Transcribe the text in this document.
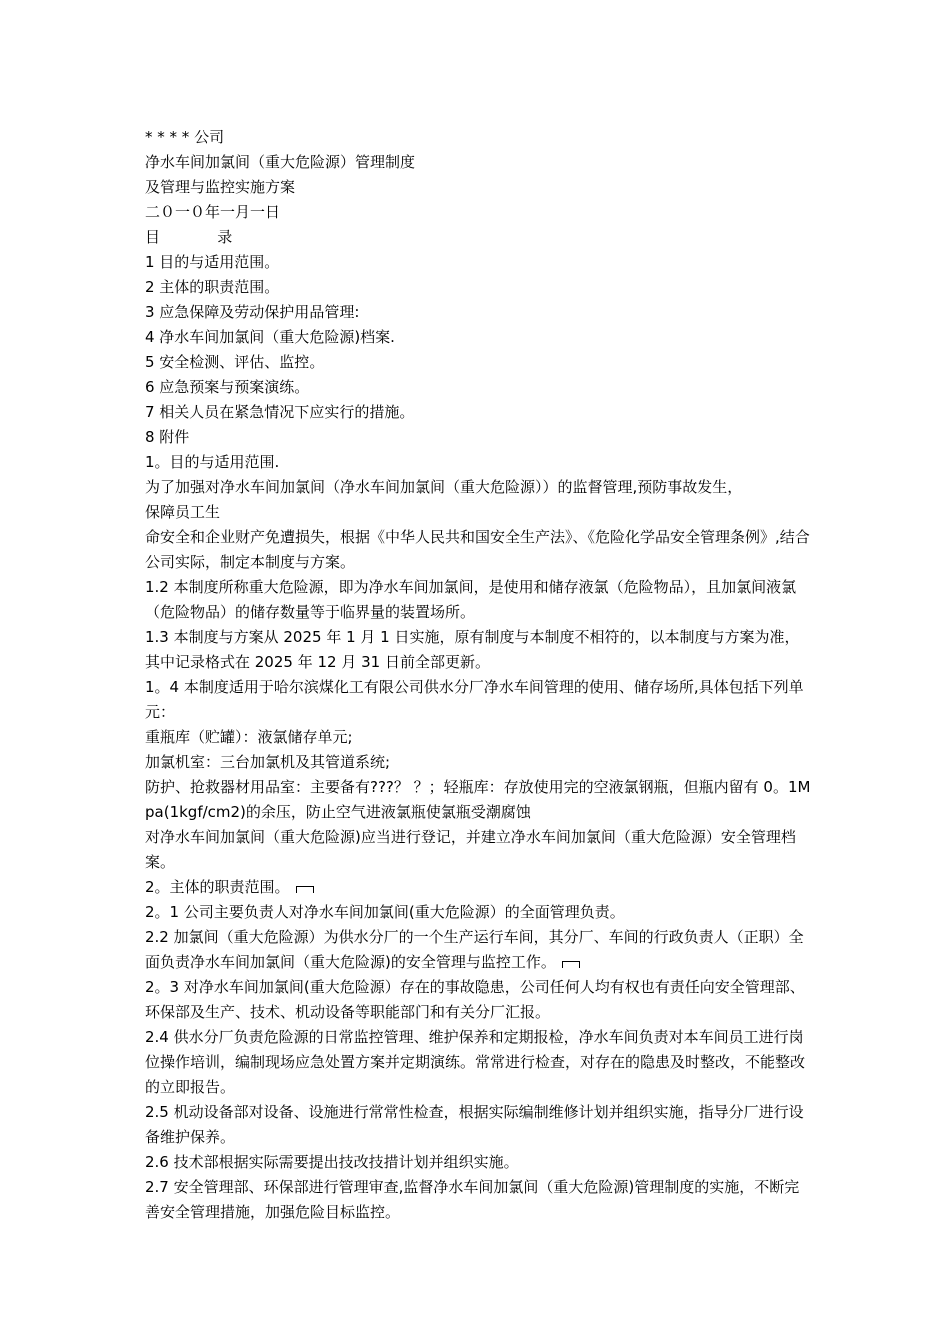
* * * * 公司
净水车间加氯间（重大危险源）管理制度
及管理与监控实施方案
二０一０年一月一日
目            录
1 目的与适用范围。
2 主体的职责范围。
3 应急保障及劳动保护用品管理:
4 净水车间加氯间（重大危险源)档案.
5 安全检测、评估、监控。
6 应急预案与预案演练。
7 相关人员在紧急情况下应实行的措施。
8 附件
1。目的与适用范围.
为了加强对净水车间加氯间（净水车间加氯间（重大危险源））的监督管理,预防事故发生，
保障员工生
命安全和企业财产免遭损失，根据《中华人民共和国安全生产法》、《危险化学品安全管理条例》,结合公司实际，制定本制度与方案。
1.2 本制度所称重大危险源，即为净水车间加氯间，是使用和储存液氯（危险物品），且加氯间液氯（危险物品）的储存数量等于临界量的装置场所。
1.3 本制度与方案从 2025 年 1 月 1 日实施，原有制度与本制度不相符的，以本制度与方案为准，其中记录格式在 2025 年 12 月 31 日前全部更新。
1。4 本制度适用于哈尔滨煤化工有限公司供水分厂净水车间管理的使用、储存场所,具体包括下列单元：
重瓶库（贮罐）：液氯储存单元;
加氯机室：三台加氯机及其管道系统;
防护、抢救器材用品室：主要备有???？ ？；轻瓶库：存放使用完的空液氯钢瓶，但瓶内留有 0。1Mpa(1kgf/cm2)的余压，防止空气进液氯瓶使氯瓶受潮腐蚀
对净水车间加氯间（重大危险源)应当进行登记，并建立净水车间加氯间（重大危险源）安全管理档案。
2。主体的职责范围。
2。1 公司主要负责人对净水车间加氯间(重大危险源）的全面管理负责。
2.2 加氯间（重大危险源）为供水分厂的一个生产运行车间，其分厂、车间的行政负责人（正职）全面负责净水车间加氯间（重大危险源)的安全管理与监控工作。
2。3 对净水车间加氯间(重大危险源）存在的事故隐患，公司任何人均有权也有责任向安全管理部、环保部及生产、技术、机动设备等职能部门和有关分厂汇报。
2.4 供水分厂负责危险源的日常监控管理、维护保养和定期报检，净水车间负责对本车间员工进行岗位操作培训，编制现场应急处置方案并定期演练。常常进行检查，对存在的隐患及时整改，不能整改的立即报告。
2.5 机动设备部对设备、设施进行常常性检查，根据实际编制维修计划并组织实施，指导分厂进行设备维护保养。
2.6 技术部根据实际需要提出技改技措计划并组织实施。
2.7 安全管理部、环保部进行管理审查,监督净水车间加氯间（重大危险源)管理制度的实施，不断完善安全管理措施，加强危险目标监控。
